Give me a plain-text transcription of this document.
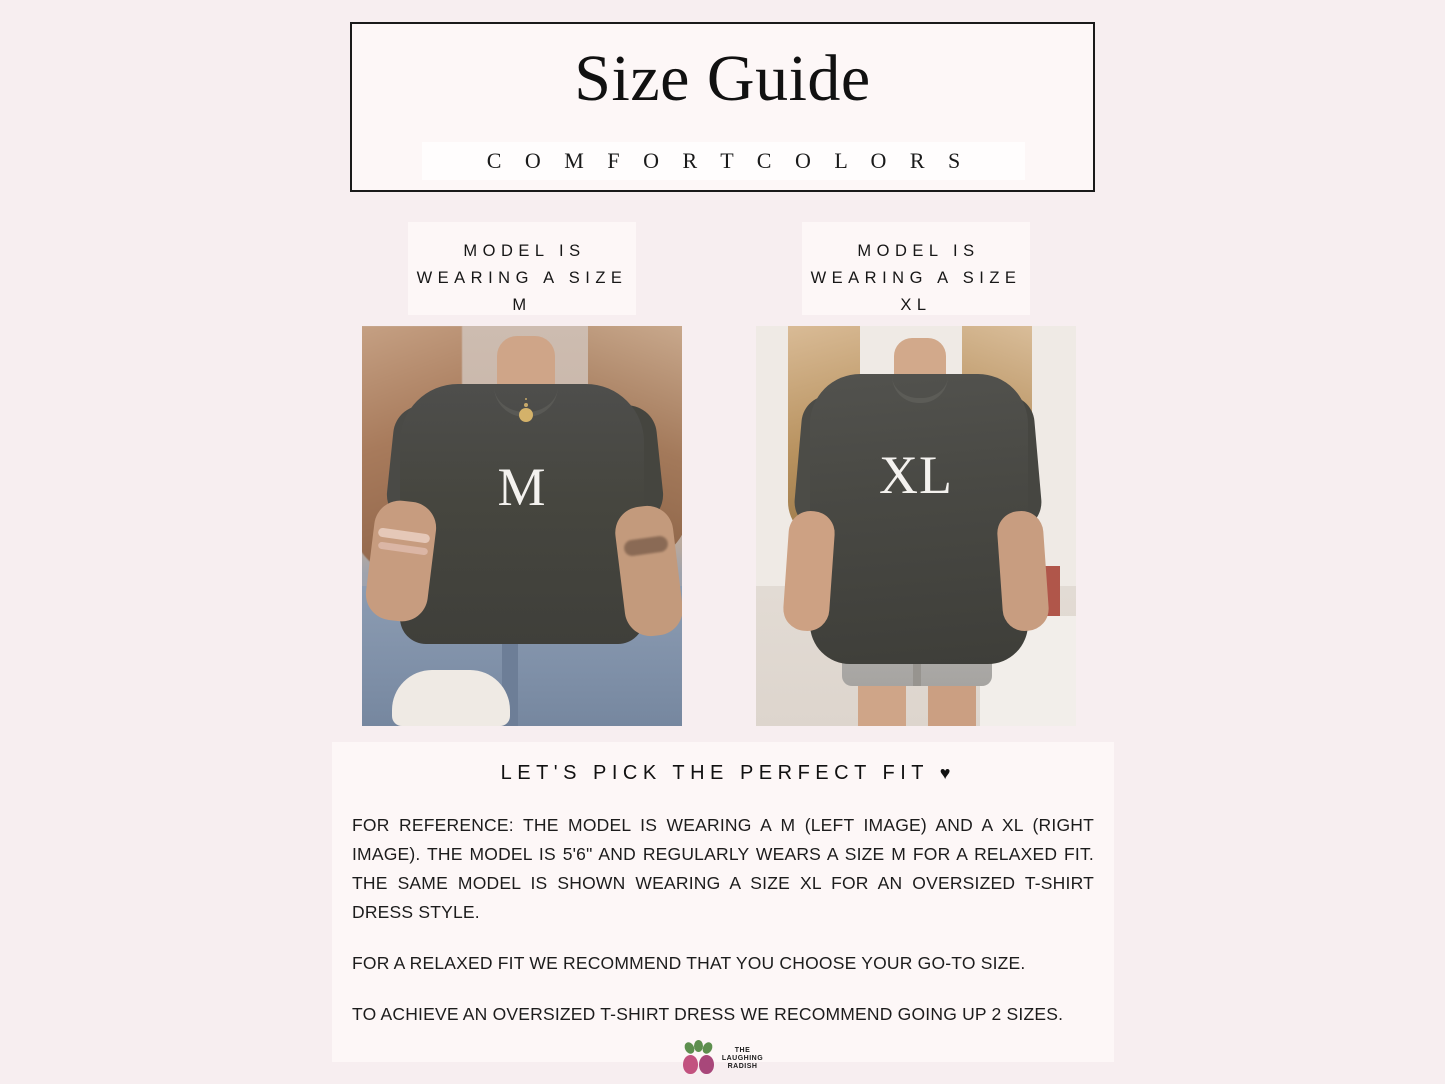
Size Guide
C O M F O R T C O L O R S
MODEL IS WEARING A SIZE M
M
MODEL IS WEARING A SIZE XL
XL
LET'S PICK THE PERFECT FIT ♥

FOR REFERENCE: THE MODEL IS WEARING A M (LEFT IMAGE) AND A XL (RIGHT IMAGE). THE MODEL IS 5'6" AND REGULARLY WEARS A SIZE M FOR A RELAXED FIT. THE SAME MODEL IS SHOWN WEARING A SIZE XL FOR AN OVERSIZED T-SHIRT DRESS STYLE.

FOR A RELAXED FIT WE RECOMMEND THAT YOU CHOOSE YOUR GO-TO SIZE.

TO ACHIEVE AN OVERSIZED T-SHIRT DRESS WE RECOMMEND GOING UP 2 SIZES.

THE
LAUGHING
RADISH
